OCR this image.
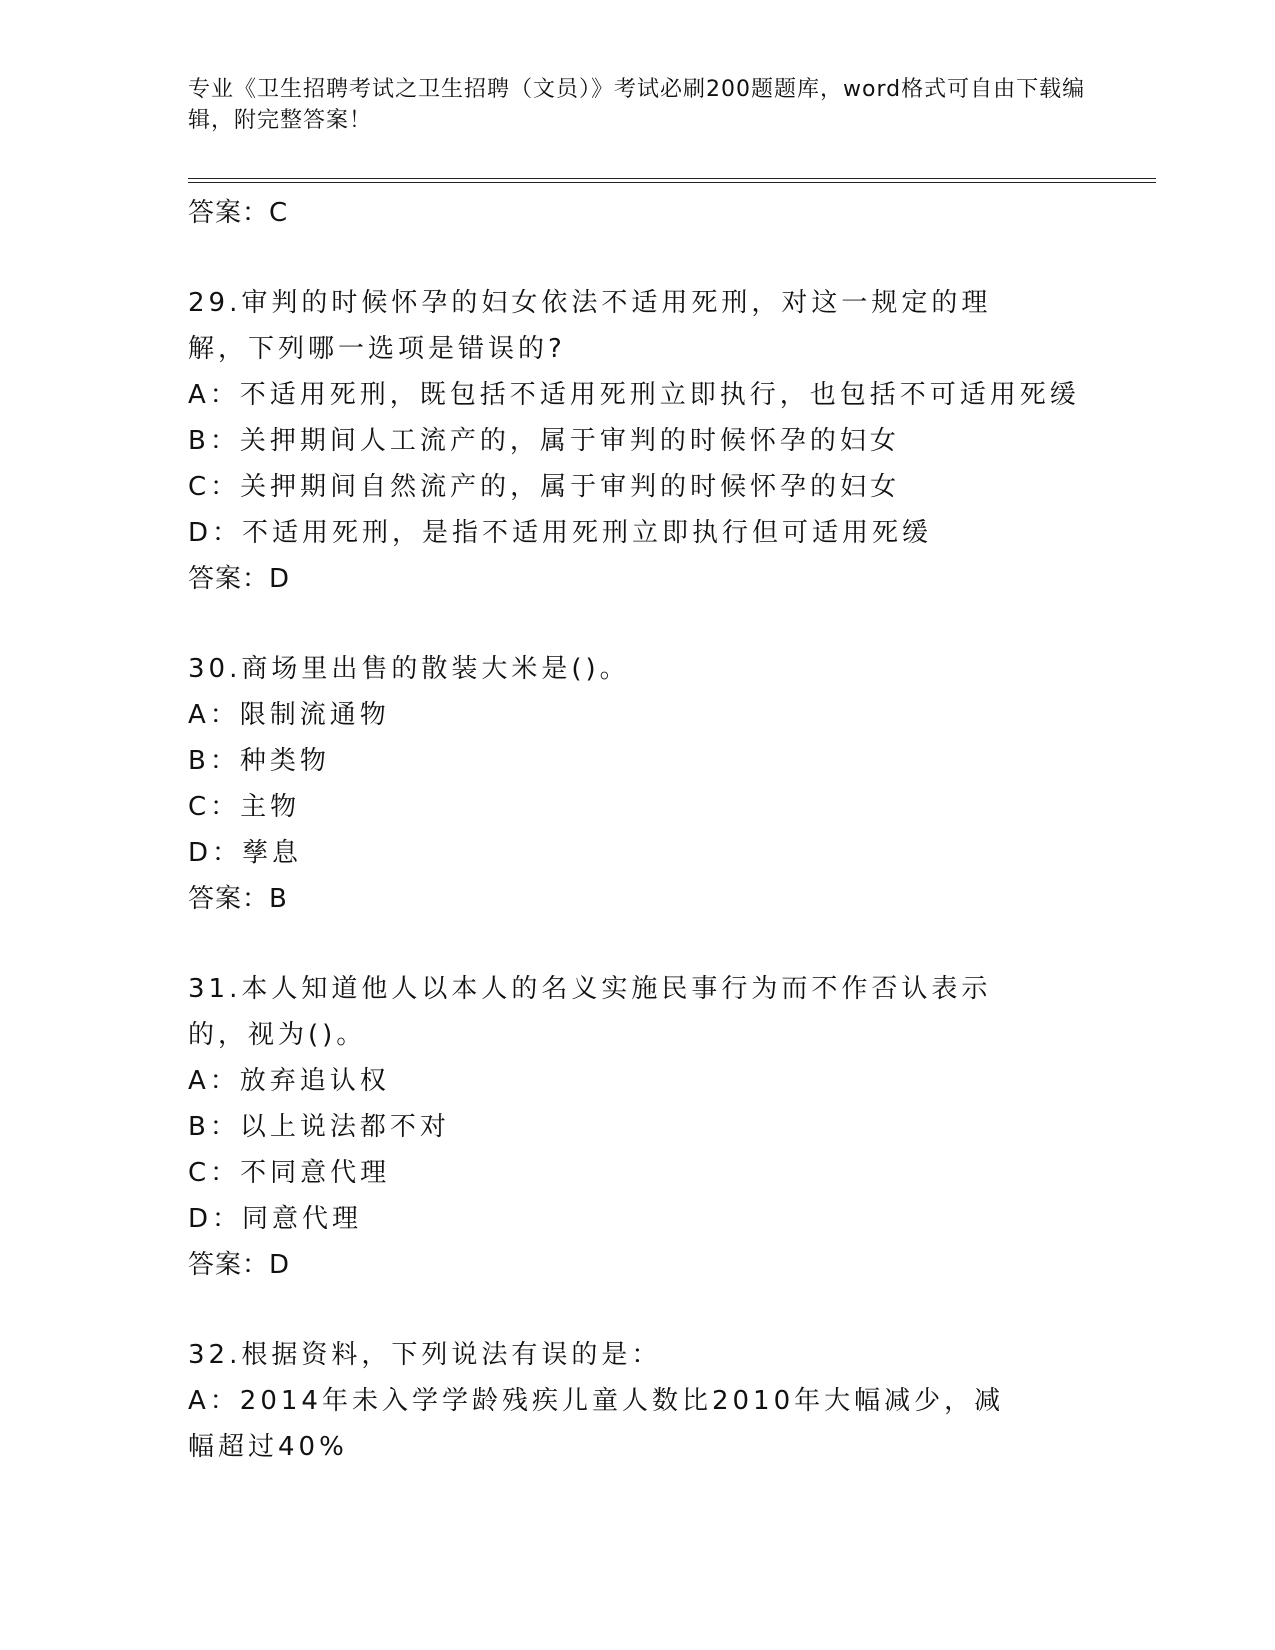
专业《卫生招聘考试之卫生招聘（文员）》考试必刷200题题库，word格式可自由下载编辑，附完整答案！
答案：C
29.审判的时候怀孕的妇女依法不适用死刑，对这一规定的理解，下列哪一选项是错误的?
A：不适用死刑，既包括不适用死刑立即执行，也包括不可适用死缓
B：关押期间人工流产的，属于审判的时候怀孕的妇女
C：关押期间自然流产的，属于审判的时候怀孕的妇女
D：不适用死刑，是指不适用死刑立即执行但可适用死缓
答案：D
30.商场里出售的散装大米是()。
A：限制流通物
B：种类物
C：主物
D：孳息
答案：B
31.本人知道他人以本人的名义实施民事行为而不作否认表示的，视为()。
A：放弃追认权
B：以上说法都不对
C：不同意代理
D：同意代理
答案：D
32.根据资料，下列说法有误的是：
A：2014年未入学学龄残疾儿童人数比2010年大幅减少，减幅超过40%
